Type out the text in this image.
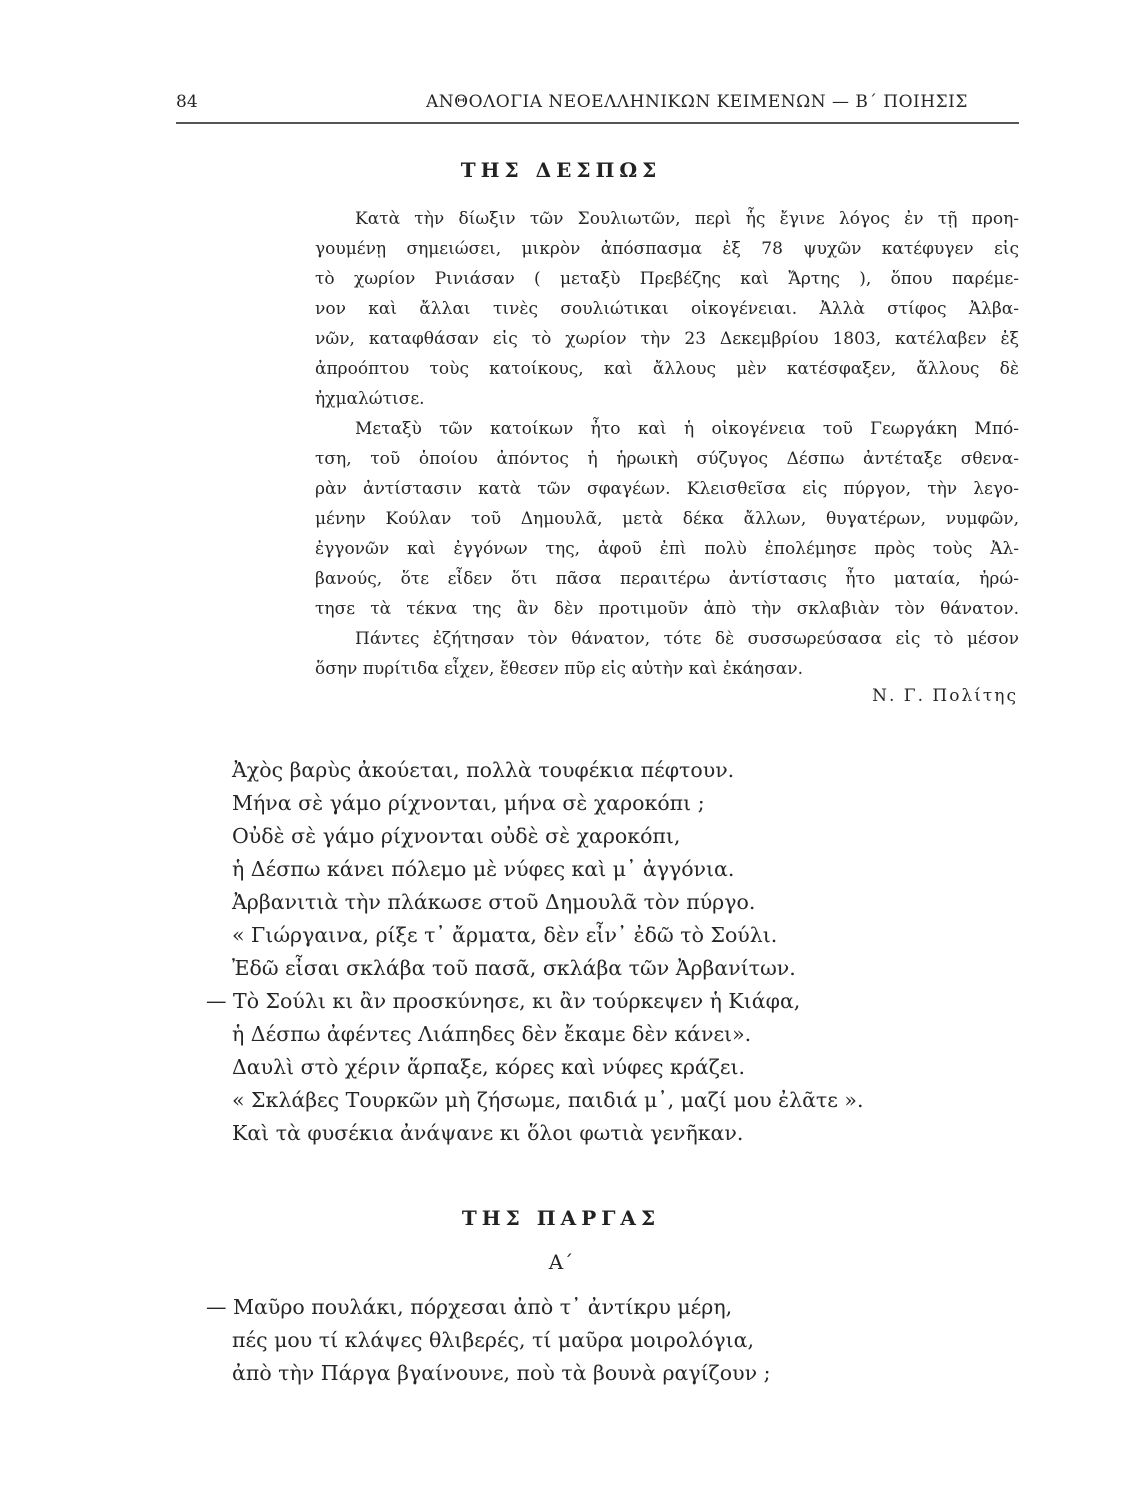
84	ΑΝΘΟΛΟΓΙΑ ΝΕΟΕΛΛΗΝΙΚΩΝ ΚΕΙΜΕΝΩΝ — Β΄ ΠΟΙΗΣΙΣ
ΤΗΣ ΔΕΣΠΩΣ
Κατὰ τὴν δίωξιν τῶν Σουλιωτῶν, περὶ ἧς ἔγινε λόγος ἐν τῇ προη-
γουμένῃ σημειώσει, μικρὸν ἀπόσπασμα ἐξ 78 ψυχῶν κατέφυγεν εἰς
τὸ χωρίον Ρινιάσαν ( μεταξὺ Πρεβέζης καὶ Ἄρτης ), ὅπου παρέμε-
νον καὶ ἄλλαι τινὲς σουλιώτικαι οἰκογένειαι. Ἀλλὰ στίφος Ἀλβα-
νῶν, καταφθάσαν εἰς τὸ χωρίον τὴν 23 Δεκεμβρίου 1803, κατέλαβεν ἐξ
ἀπροόπτου τοὺς κατοίκους, καὶ ἄλλους μὲν κατέσφαξεν, ἄλλους δὲ
ἠχμαλώτισε.
Μεταξὺ τῶν κατοίκων ἦτο καὶ ἡ οἰκογένεια τοῦ Γεωργάκη Μπό-
τση, τοῦ ὁποίου ἀπόντος ἡ ἡρωικὴ σύζυγος Δέσπω ἀντέταξε σθενα-
ρὰν ἀντίστασιν κατὰ τῶν σφαγέων. Κλεισθεῖσα εἰς πύργον, τὴν λεγο-
μένην Κούλαν τοῦ Δημουλᾶ, μετὰ δέκα ἄλλων, θυγατέρων, νυμφῶν,
ἐγγονῶν καὶ ἐγγόνων της, ἀφοῦ ἐπὶ πολὺ ἐπολέμησε πρὸς τοὺς Ἀλ-
βανούς, ὅτε εἶδεν ὅτι πᾶσα περαιτέρω ἀντίστασις ἦτο ματαία, ἠρώ-
τησε τὰ τέκνα της ἂν δὲν προτιμοῦν ἀπὸ τὴν σκλαβιὰν τὸν θάνατον.
Πάντες ἐζήτησαν τὸν θάνατον, τότε δὲ συσσωρεύσασα εἰς τὸ μέσον
ὅσην πυρίτιδα εἶχεν, ἔθεσεν πῦρ εἰς αὐτὴν καὶ ἐκάησαν.
Ν. Γ. Πολίτης
Ἀχὸς βαρὺς ἀκούεται, πολλὰ τουφέκια πέφτουν.
Μήνα σὲ γάμο ρίχνονται, μήνα σὲ χαροκόπι ;
Οὐδὲ σὲ γάμο ρίχνονται οὐδὲ σὲ χαροκόπι,
ἡ Δέσπω κάνει πόλεμο μὲ νύφες καὶ μ᾽ ἀγγόνια.
Ἀρβανιτιὰ τὴν πλάκωσε στοῦ Δημουλᾶ τὸν πύργο.
« Γιώργαινα, ρίξε τ᾽ ἄρματα, δὲν εἶν᾽ ἐδῶ τὸ Σούλι.
Ἐδῶ εἶσαι σκλάβα τοῦ πασᾶ, σκλάβα τῶν Ἀρβανίτων.
— Τὸ Σούλι κι ἂν προσκύνησε, κι ἂν τούρκεψεν ἡ Κιάφα,
ἡ Δέσπω ἀφέντες Λιάπηδες δὲν ἔκαμε δὲν κάνει».
Δαυλὶ στὸ χέριν ἅρπαξε, κόρες καὶ νύφες κράζει.
« Σκλάβες Τουρκῶν μὴ ζήσωμε, παιδιά μ᾽, μαζί μου ἐλᾶτε ».
Καὶ τὰ φυσέκια ἀνάψανε κι ὅλοι φωτιὰ γενῆκαν.
ΤΗΣ ΠΑΡΓΑΣ
Α΄
— Μαῦρο πουλάκι, πόρχεσαι ἀπὸ τ᾽ ἀντίκρυ μέρη,
πές μου τί κλάψες θλιβερές, τί μαῦρα μοιρολόγια,
ἀπὸ τὴν Πάργα βγαίνουνε, ποὺ τὰ βουνὰ ραγίζουν ;
